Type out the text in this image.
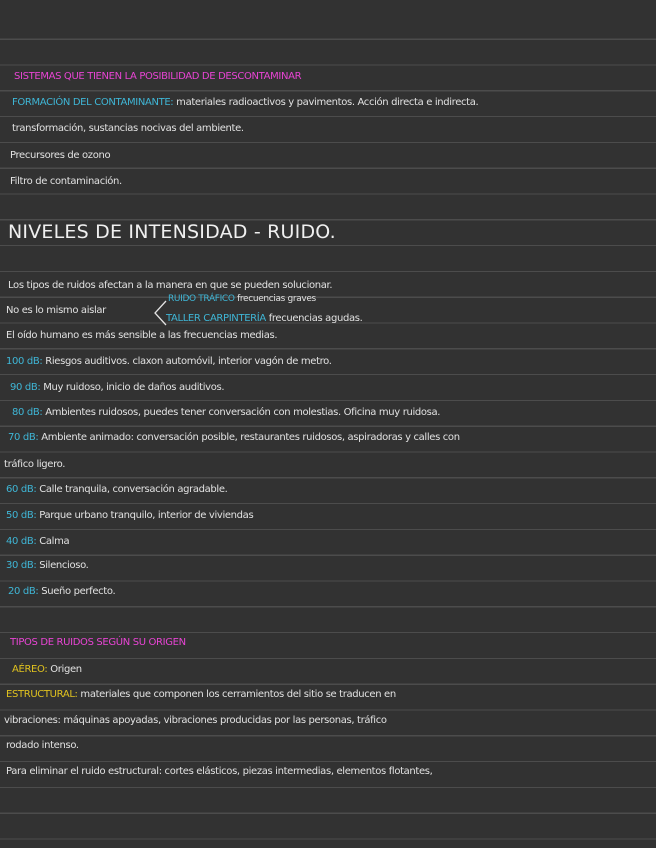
SISTEMAS QUE TIENEN LA POSIBILIDAD DE DESCONTAMINAR
FORMACIÓN DEL CONTAMINANTE: materiales radioactivos y pavimentos. Acción directa e indirecta.
transformación, sustancias nocivas del ambiente.
Precursores de ozono
Filtro de contaminación.
NIVELES DE INTENSIDAD - RUIDO.
Los tipos de ruidos afectan a la manera en que se pueden solucionar.
No es lo mismo aislar
RUIDO TRÁFICO frecuencias graves
TALLER CARPINTERÍA frecuencias agudas.
El oído humano es más sensible a las frecuencias medias.
100 dB: Riesgos auditivos. claxon automóvil, interior vagón de metro.
90 dB: Muy ruidoso, inicio de daños auditivos.
80 dB: Ambientes ruidosos, puedes tener conversación con molestias. Oficina muy ruidosa.
70 dB: Ambiente animado: conversación posible, restaurantes ruidosos, aspiradoras y calles con
tráfico ligero.
60 dB: Calle tranquila, conversación agradable.
50 dB: Parque urbano tranquilo, interior de viviendas
40 dB: Calma
30 dB: Silencioso.
20 dB: Sueño perfecto.
TIPOS DE RUIDOS SEGÚN SU ORIGEN
AÉREO: Origen
ESTRUCTURAL: materiales que componen los cerramientos del sitio se traducen en
vibraciones: máquinas apoyadas, vibraciones producidas por las personas, tráfico
rodado intenso.
Para eliminar el ruido estructural: cortes elásticos, piezas intermedias, elementos flotantes,
